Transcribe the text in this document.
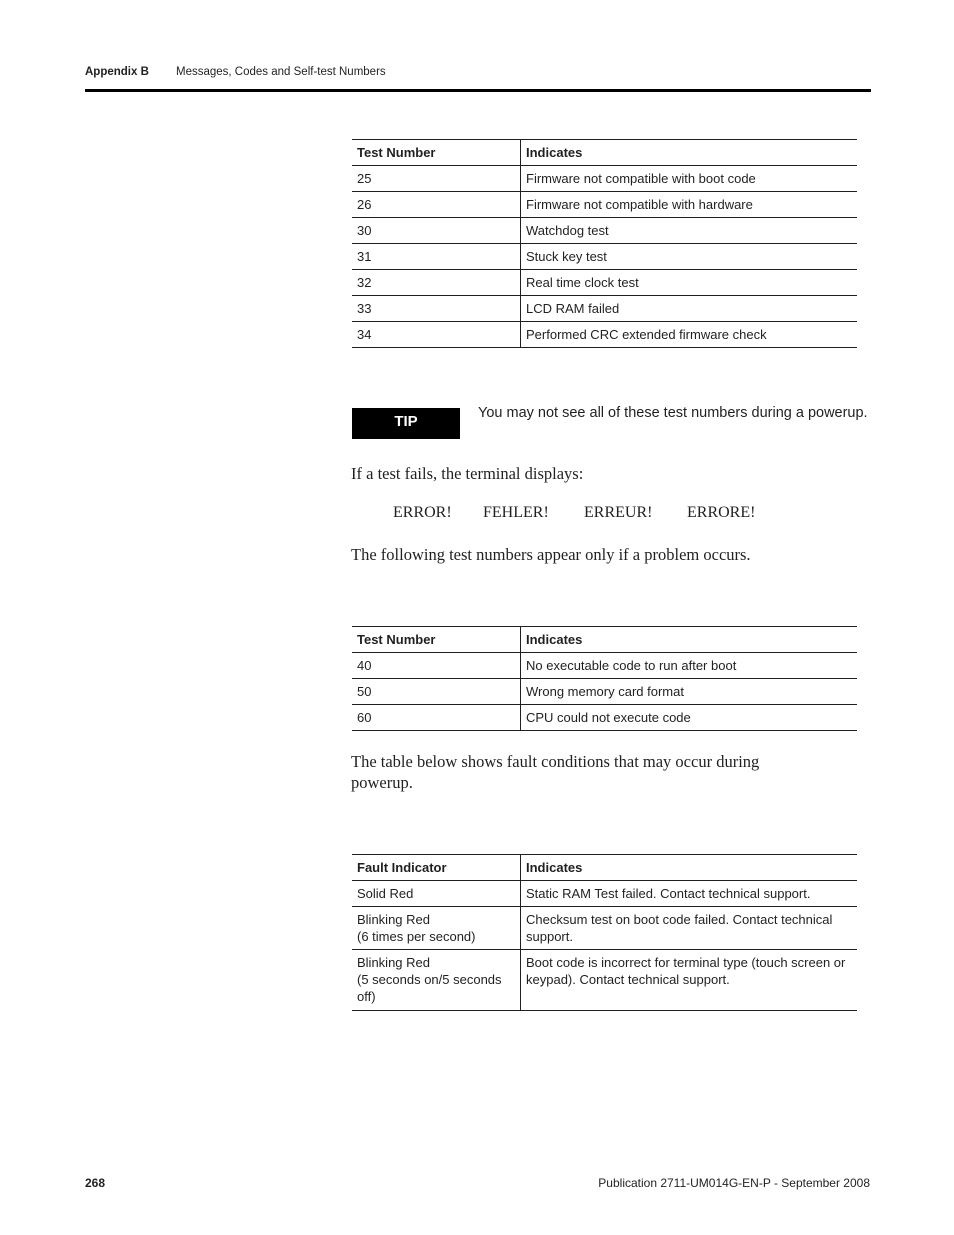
Appendix B Messages, Codes and Self-test Numbers
Test Number	Indicates
25	Firmware not compatible with boot code
26	Firmware not compatible with hardware
30	Watchdog test
31	Stuck key test
32	Real time clock test
33	LCD RAM failed
34	Performed CRC extended firmware check
TIP	You may not see all of these test numbers during a powerup.
If a test fails, the terminal displays:
ERROR! FEHLER! ERREUR! ERRORE!
The following test numbers appear only if a problem occurs.
Test Number	Indicates
40	No executable code to run after boot
50	Wrong memory card format
60	CPU could not execute code
The table below shows fault conditions that may occur during powerup.
Fault Indicator	Indicates
Solid Red	Static RAM Test failed. Contact technical support.
Blinking Red
(6 times per second)	Checksum test on boot code failed. Contact technical support.
Blinking Red
(5 seconds on/5 seconds off)	Boot code is incorrect for terminal type (touch screen or keypad). Contact technical support.
268	Publication 2711-UM014G-EN-P - September 2008
